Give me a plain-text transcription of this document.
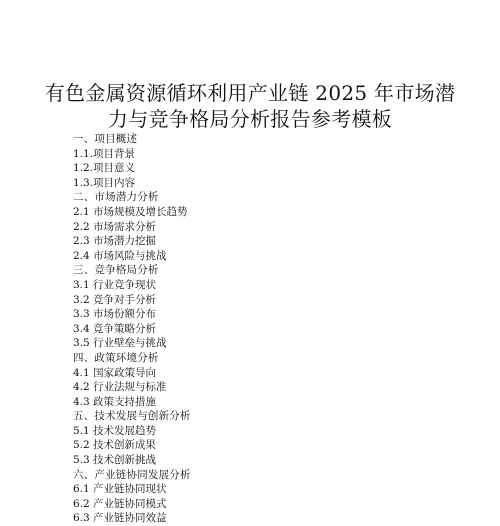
有色金属资源循环利用产业链 2025 年市场潜
力与竞争格局分析报告参考模板
一、项目概述
1.1.项目背景
1.2.项目意义
1.3.项目内容
二、市场潜力分析
2.1 市场规模及增长趋势
2.2 市场需求分析
2.3 市场潜力挖掘
2.4 市场风险与挑战
三、竞争格局分析
3.1 行业竞争现状
3.2 竞争对手分析
3.3 市场份额分布
3.4 竞争策略分析
3.5 行业壁垒与挑战
四、政策环境分析
4.1 国家政策导向
4.2 行业法规与标准
4.3 政策支持措施
五、技术发展与创新分析
5.1 技术发展趋势
5.2 技术创新成果
5.3 技术创新挑战
六、产业链协同发展分析
6.1 产业链协同现状
6.2 产业链协同模式
6.3 产业链协同效益
